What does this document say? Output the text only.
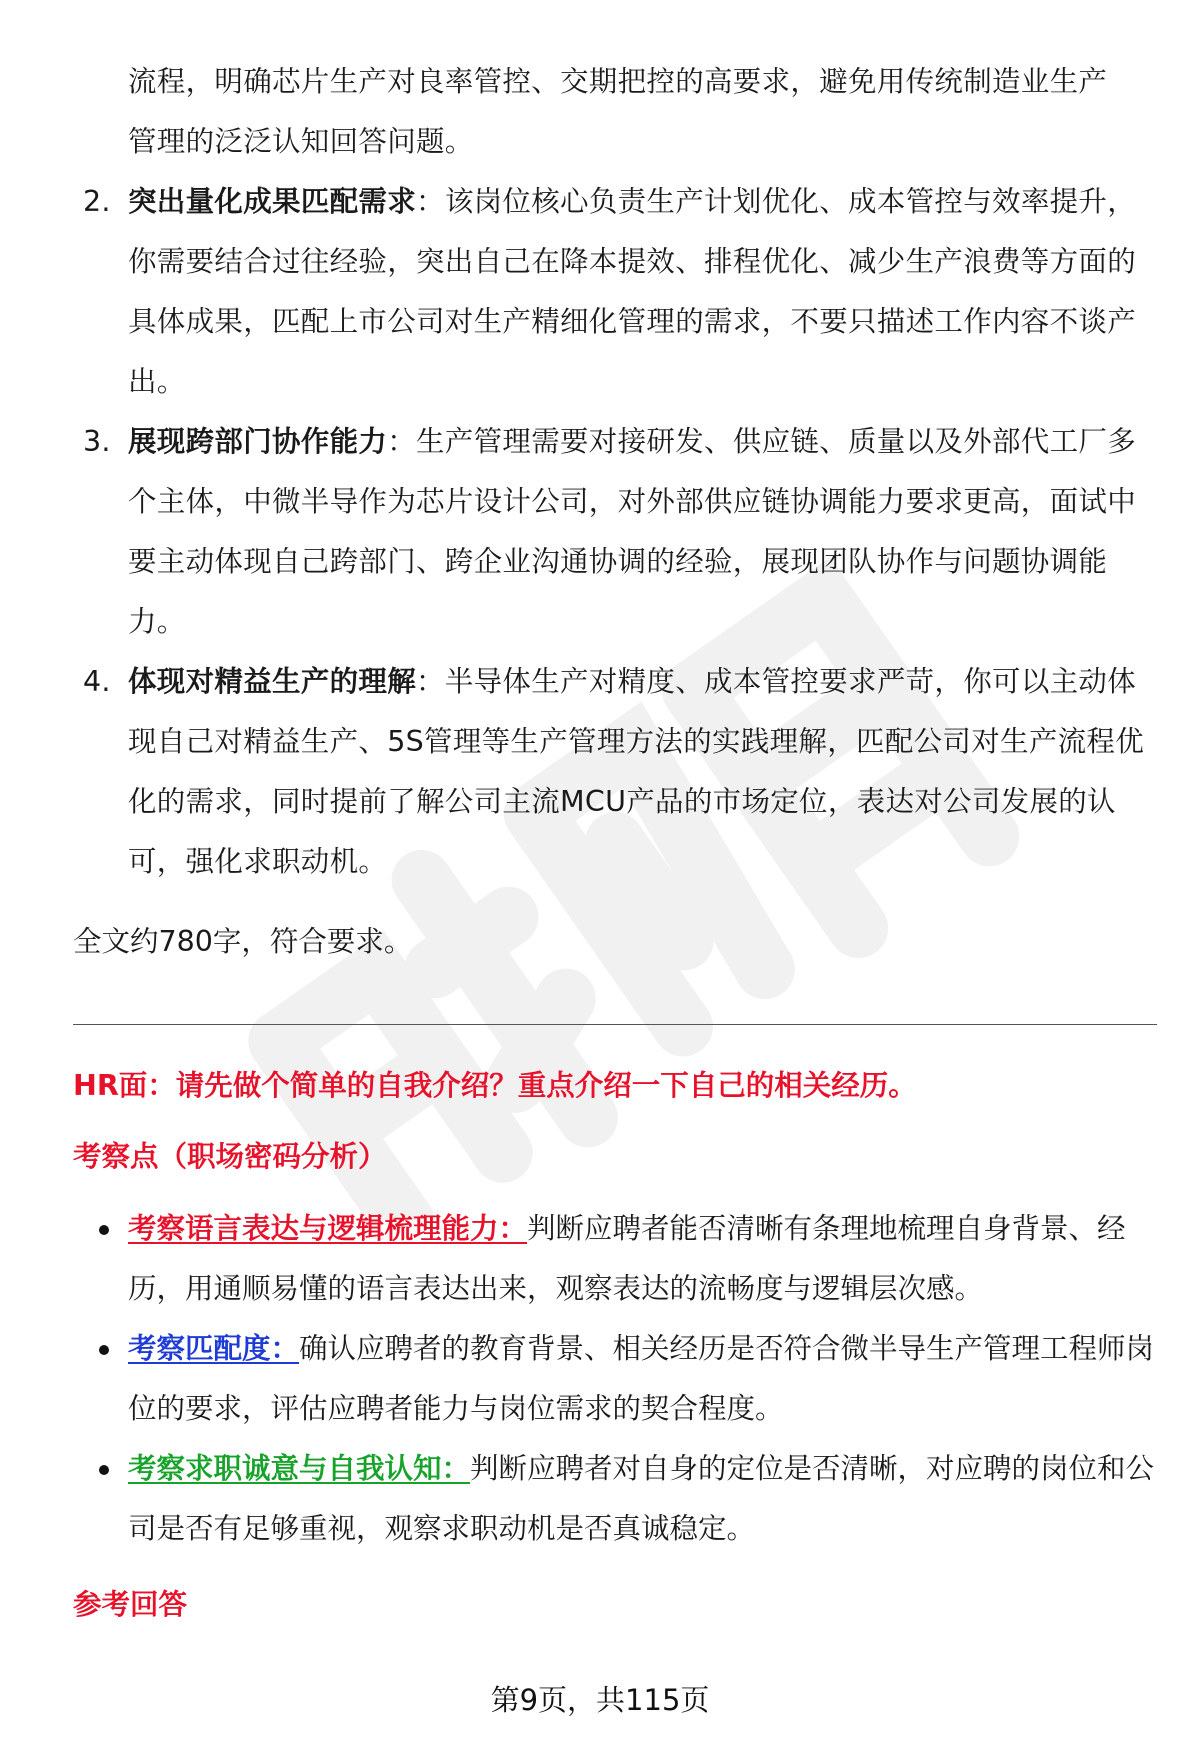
流程，明确芯片生产对良率管控、交期把控的高要求，避免用传统制造业生产
管理的泛泛认知回答问题。
2. 突出量化成果匹配需求：该岗位核心负责生产计划优化、成本管控与效率提升，你需要结合过往经验，突出自己在降本提效、排程优化、减少生产浪费等方面的具体成果，匹配上市公司对生产精细化管理的需求，不要只描述工作内容不谈产出。
3. 展现跨部门协作能力：生产管理需要对接研发、供应链、质量以及外部代工厂多个主体，中微半导作为芯片设计公司，对外部供应链协调能力要求更高，面试中要主动体现自己跨部门、跨企业沟通协调的经验，展现团队协作与问题协调能力。
4. 体现对精益生产的理解：半导体生产对精度、成本管控要求严苛，你可以主动体现自己对精益生产、5S管理等生产管理方法的实践理解，匹配公司对生产流程优化的需求，同时提前了解公司主流MCU产品的市场定位，表达对公司发展的认可，强化求职动机。

全文约780字，符合要求。

HR面：请先做个简单的自我介绍？重点介绍一下自己的相关经历。

考察点（职场密码分析）

考察语言表达与逻辑梳理能力：判断应聘者能否清晰有条理地梳理自身背景、经历，用通顺易懂的语言表达出来，观察表达的流畅度与逻辑层次感。
考察匹配度：确认应聘者的教育背景、相关经历是否符合微半导生产管理工程师岗位的要求，评估应聘者能力与岗位需求的契合程度。
考察求职诚意与自我认知：判断应聘者对自身的定位是否清晰，对应聘的岗位和公司是否有足够重视，观察求职动机是否真诚稳定。

参考回答

第9页，共115页
